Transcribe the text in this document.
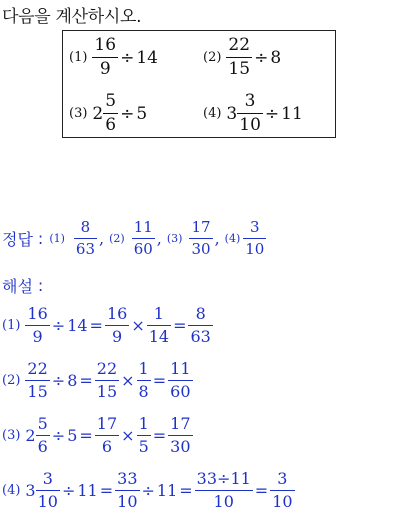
다음을 계산하시오.
$(1) \frac{16}{9} \div 14$	$(2) \frac{22}{15} \div 8$
(3) $2 \frac{5}{6} \div 5$	(4) $3 \frac{3}{10} \div 11$
정답 : $(1) \frac{8}{63}$ , $(2) \frac{11}{60}$ , $(3) \frac{17}{30}$ , $(4) \frac{3}{10}$
해설 :
$(1) \frac{16}{9} \div 14 = \frac{16}{9} \times \frac{1}{14} = \frac{8}{63}$
$(2) \frac{22}{15} \div 8 = \frac{22}{15} \times \frac{1}{8} = \frac{11}{60}$
(3) $2 \frac{5}{6} \div 5 = \frac{17}{6} \times \frac{1}{5} = \frac{17}{30}$
(4) $3 \frac{3}{10} \div 11 = \frac{33}{10} \div 11 = \frac{33\div 11}{10} = \frac{3}{10}$
